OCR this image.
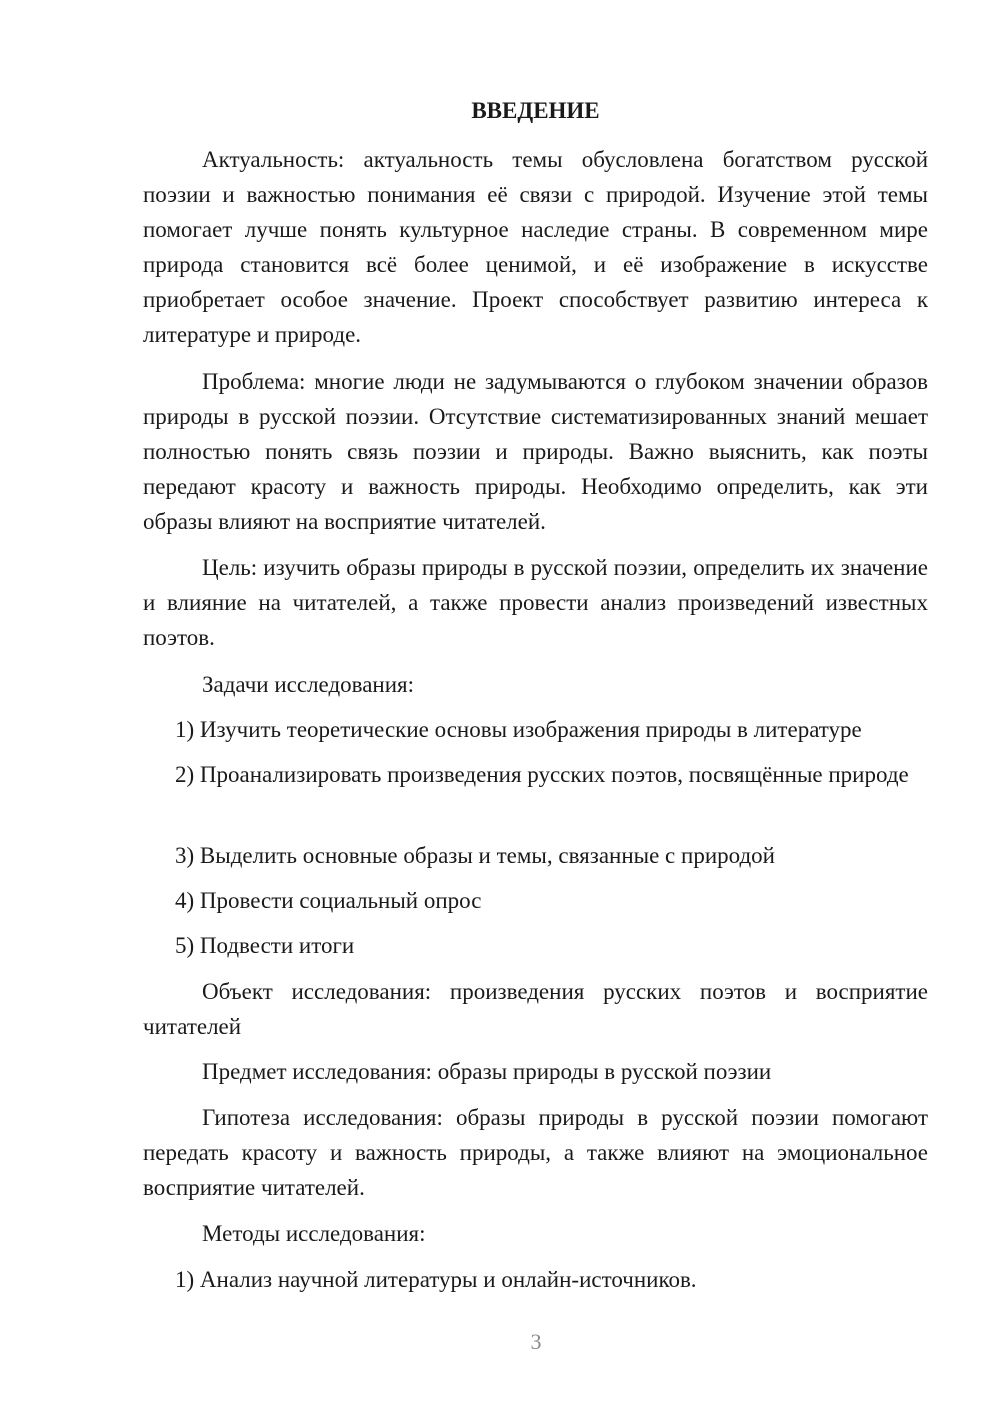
ВВЕДЕНИЕ

Актуальность: актуальность темы обусловлена богатством русской поэзии и важностью понимания её связи с природой. Изучение этой темы помогает лучше понять культурное наследие страны. В современном мире природа становится всё более ценимой, и её изображение в искусстве приобретает особое значение. Проект способствует развитию интереса к литературе и природе.

Проблема: многие люди не задумываются о глубоком значении образов природы в русской поэзии. Отсутствие систематизированных знаний мешает полностью понять связь поэзии и природы. Важно выяснить, как поэты передают красоту и важность природы. Необходимо определить, как эти образы влияют на восприятие читателей.

Цель: изучить образы природы в русской поэзии, определить их значение и влияние на читателей, а также провести анализ произведений известных поэтов.

Задачи исследования:

1) Изучить теоретические основы изображения природы в литературе

2) Проанализировать произведения русских поэтов, посвящённые природе

3) Выделить основные образы и темы, связанные с природой

4) Провести социальный опрос

5) Подвести итоги

Объект исследования: произведения русских поэтов и восприятие читателей

Предмет исследования: образы природы в русской поэзии

Гипотеза исследования: образы природы в русской поэзии помогают передать красоту и важность природы, а также влияют на эмоциональное восприятие читателей.

Методы исследования:

1) Анализ научной литературы и онлайн-источников.

3
